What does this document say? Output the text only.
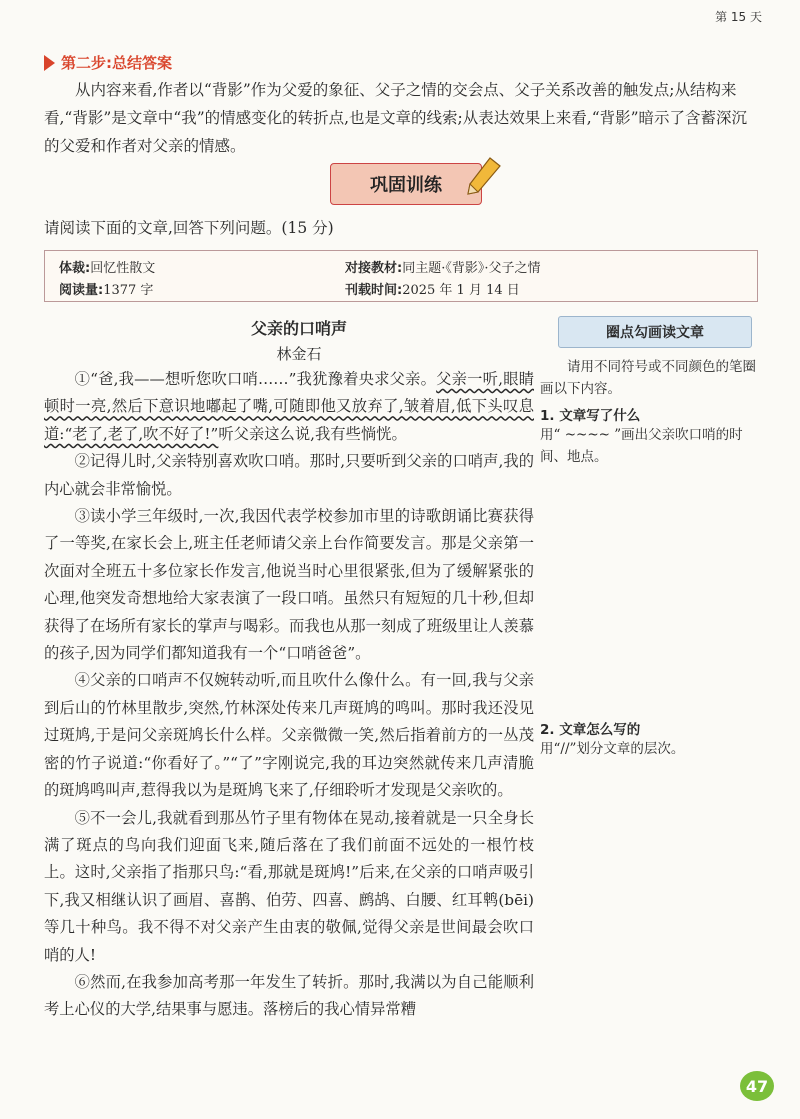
第 15 天
第二步:总结答案

从内容来看,作者以“背影”作为父爱的象征、父子之情的交会点、父子关系改善的触发点;从结构来看,“背影”是文章中“我”的情感变化的转折点,也是文章的线索;从表达效果上来看,“背影”暗示了含蓄深沉的父爱和作者对父亲的情感。

巩固训练
请阅读下面的文章,回答下列问题。(15 分)
体裁:回忆性散文	对接教材:同主题·《背影》·父子之情
阅读量:1377 字	刊载时间:2025 年 1 月 14 日
父亲的口哨声
林金石

①“爸,我——想听您吹口哨……”我犹豫着央求父亲。父亲一听,眼睛顿时一亮,然后下意识地嘟起了嘴,可随即他又放弃了,皱着眉,低下头叹息道:“老了,老了,吹不好了!”听父亲这么说,我有些惝恍。

②记得儿时,父亲特别喜欢吹口哨。那时,只要听到父亲的口哨声,我的内心就会非常愉悦。

③读小学三年级时,一次,我因代表学校参加市里的诗歌朗诵比赛获得了一等奖,在家长会上,班主任老师请父亲上台作简要发言。那是父亲第一次面对全班五十多位家长作发言,他说当时心里很紧张,但为了缓解紧张的心理,他突发奇想地给大家表演了一段口哨。虽然只有短短的几十秒,但却获得了在场所有家长的掌声与喝彩。而我也从那一刻成了班级里让人羡慕的孩子,因为同学们都知道我有一个“口哨爸爸”。

④父亲的口哨声不仅婉转动听,而且吹什么像什么。有一回,我与父亲到后山的竹林里散步,突然,竹林深处传来几声斑鸠的鸣叫。那时我还没见过斑鸠,于是问父亲斑鸠长什么样。父亲微微一笑,然后指着前方的一丛茂密的竹子说道:“你看好了。”“了”字刚说完,我的耳边突然就传来几声清脆的斑鸠鸣叫声,惹得我以为是斑鸠飞来了,仔细聆听才发现是父亲吹的。

⑤不一会儿,我就看到那丛竹子里有物体在晃动,接着就是一只全身长满了斑点的鸟向我们迎面飞来,随后落在了我们前面不远处的一根竹枝上。这时,父亲指了指那只鸟:“看,那就是斑鸠!”后来,在父亲的口哨声吸引下,我又相继认识了画眉、喜鹊、伯劳、四喜、鹧鸪、白腰、红耳鹎(bēi)等几十种鸟。我不得不对父亲产生由衷的敬佩,觉得父亲是世间最会吹口哨的人!

⑥然而,在我参加高考那一年发生了转折。那时,我满以为自己能顺利考上心仪的大学,结果事与愿违。落榜后的我心情异常糟

圈点勾画读文章
请用不同符号或不同颜色的笔圈画以下内容。
1. 文章写了什么
用“ ~~~~ ”画出父亲吹口哨的时间、地点。
2. 文章怎么写的
用“//”划分文章的层次。
47
